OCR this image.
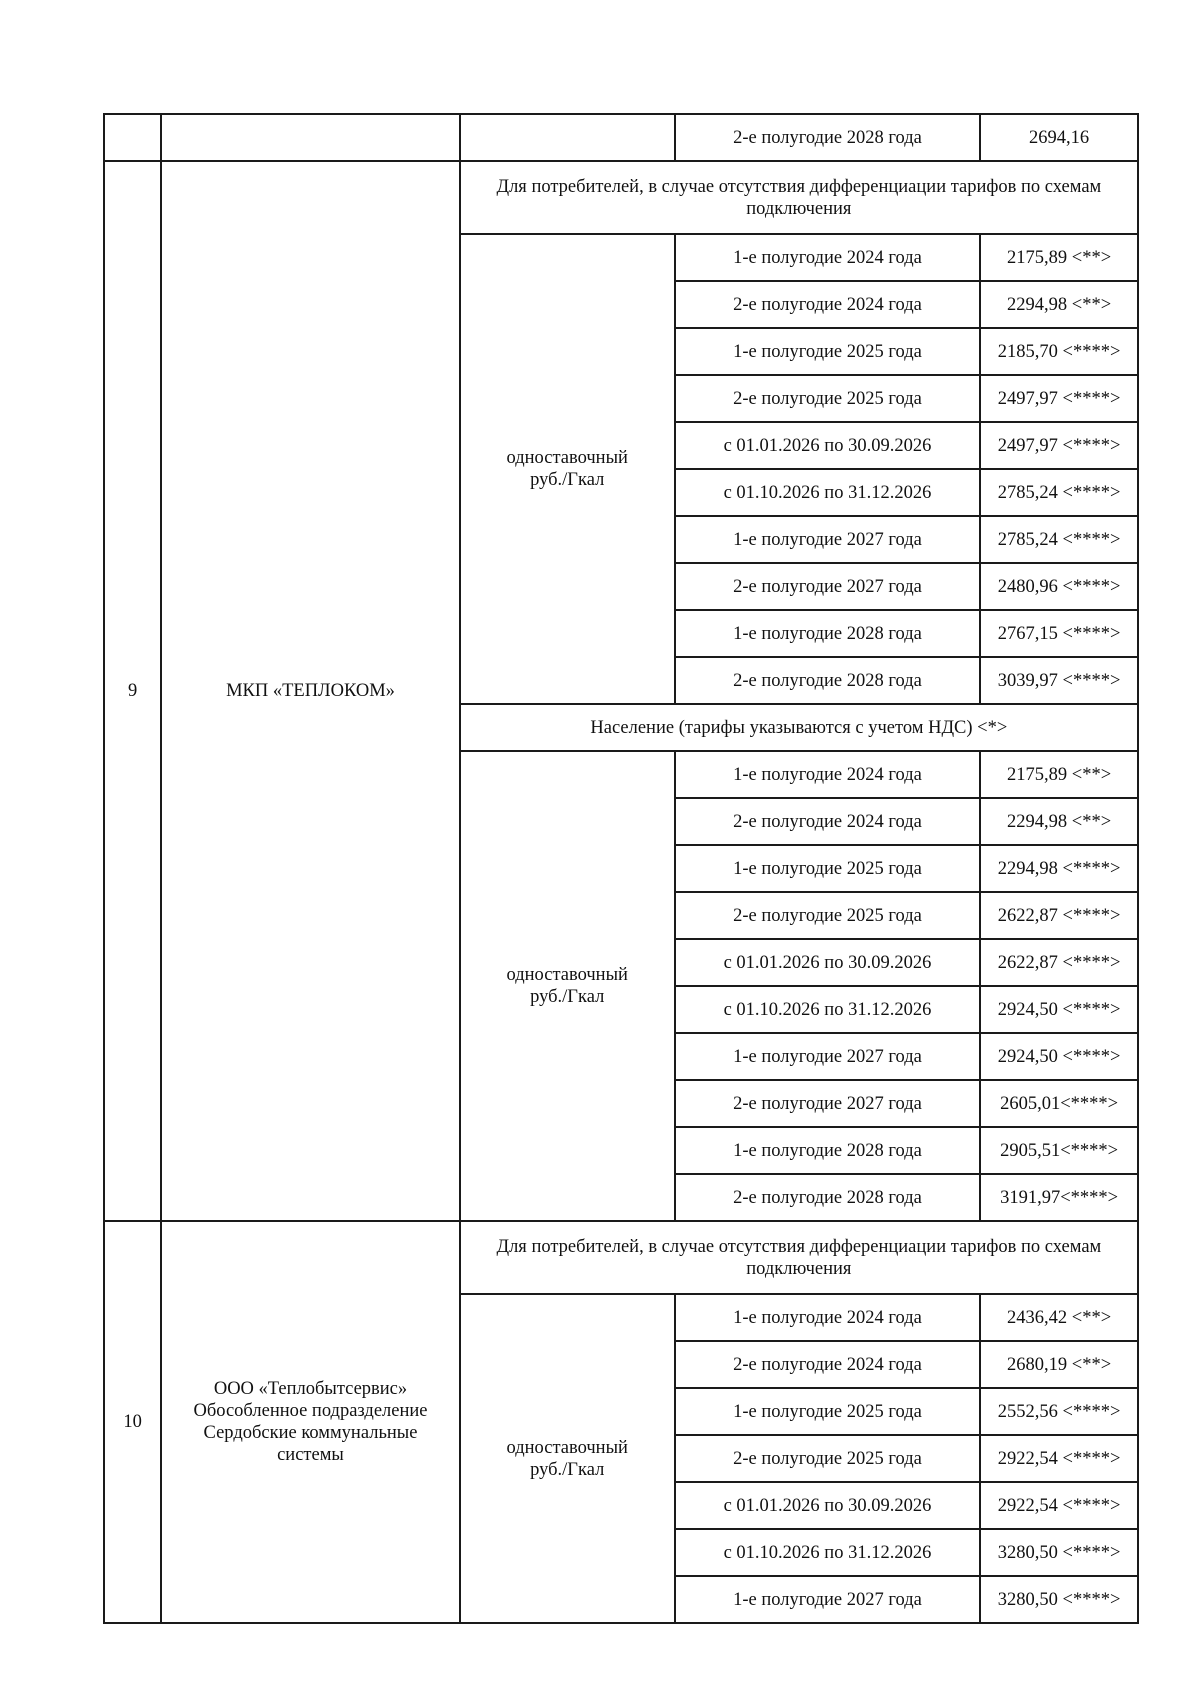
			2-е полугодие 2028 года	2694,16
9	МКП «ТЕПЛОКОМ»	Для потребителей, в случае отсутствия дифференциации тарифов по схемам подключения		
		одноставочный
руб./Гкал	1-е полугодие 2024 года	2175,89 <**>
			2-е полугодие 2024 года	2294,98 <**>
			1-е полугодие 2025 года	2185,70 <****>
			2-е полугодие 2025 года	2497,97 <****>
			с 01.01.2026 по 30.09.2026	2497,97 <****>
			с 01.10.2026 по 31.12.2026	2785,24 <****>
			1-е полугодие 2027 года	2785,24 <****>
			2-е полугодие 2027 года	2480,96 <****>
			1-е полугодие 2028 года	2767,15 <****>
			2-е полугодие 2028 года	3039,97 <****>
		Население (тарифы указываются с учетом НДС) <*>		
		одноставочный
руб./Гкал	1-е полугодие 2024 года	2175,89 <**>
			2-е полугодие 2024 года	2294,98 <**>
			1-е полугодие 2025 года	2294,98 <****>
			2-е полугодие 2025 года	2622,87 <****>
			с 01.01.2026 по 30.09.2026	2622,87 <****>
			с 01.10.2026 по 31.12.2026	2924,50 <****>
			1-е полугодие 2027 года	2924,50 <****>
			2-е полугодие 2027 года	2605,01<****>
			1-е полугодие 2028 года	2905,51<****>
			2-е полугодие 2028 года	3191,97<****>
10	ООО «Теплобытсервис»
Обособленное подразделение
Сердобские коммунальные
системы	Для потребителей, в случае отсутствия дифференциации тарифов по схемам подключения		
		одноставочный
руб./Гкал	1-е полугодие 2024 года	2436,42 <**>
			2-е полугодие 2024 года	2680,19 <**>
			1-е полугодие 2025 года	2552,56 <****>
			2-е полугодие 2025 года	2922,54 <****>
			с 01.01.2026 по 30.09.2026	2922,54 <****>
			с 01.10.2026 по 31.12.2026	3280,50 <****>
			1-е полугодие 2027 года	3280,50 <****>
